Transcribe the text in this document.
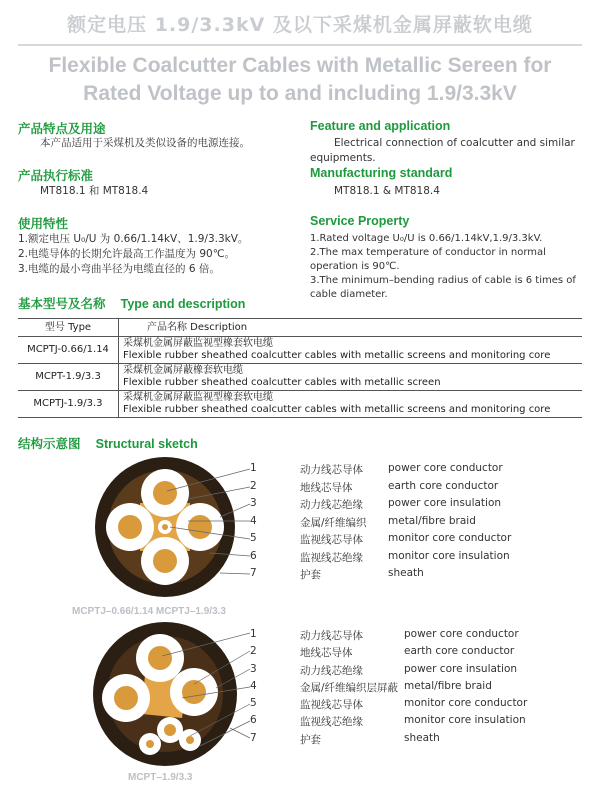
额定电压 1.9/3.3kV 及以下采煤机金属屏蔽软电缆
Flexible Coalcutter Cables with Metallic Sereen for
Rated Voltage up to and including 1.9/3.3kV
产品特点及用途
本产品适用于采煤机及类似设备的电源连接。
Feature and application
Electrical connection of coalcutter and similar equipments.
产品执行标准
MT818.1 和 MT818.4
Manufacturing standard
MT818.1 & MT818.4
使用特性
1.额定电压 U₀/U 为 0.66/1.14kV、1.9/3.3kV。
2.电缆导体的长期允许最高工作温度为 90℃。
3.电缆的最小弯曲半径为电缆直径的 6 倍。
Service Property
1.Rated voltage U₀/U is 0.66/1.14kV,1.9/3.3kV.
2.The max temperature of conductor in normal operation is 90℃.
3.The minimum–bending radius of cable is 6 times of cable diameter.
基本型号及名称 Type and description
型号 Type	产品名称 Description
MCPTJ-0.66/1.14	采煤机金属屏蔽监视型橡套软电缆
Flexible rubber sheathed coalcutter cables with metallic screens and monitoring core

MCPT-1.9/3.3	采煤机金属屏蔽橡套软电缆
Flexible rubber sheathed coalcutter cables with metallic screen

MCPTJ-1.9/3.3	采煤机金属屏蔽监视型橡套软电缆
Flexible rubber sheathed coalcutter cables with metallic screens and monitoring core
结构示意图 Structural sketch
1	动力线芯导体	power core conductor
2	地线芯导体	earth core conductor
3	动力线芯绝缘	power core insulation
4	金属/纤维编织	metal/fibre braid
5	监视线芯导体	monitor core conductor
6	监视线芯绝缘	monitor core insulation
7	护套	sheath
MCPTJ–0.66/1.14 MCPTJ–1.9/3.3
1	动力线芯导体	power core conductor
2	地线芯导体	earth core conductor
3	动力线芯绝缘	power core insulation
4	金属/纤维编织层屏蔽 metal/fibre braid
5	监视线芯导体	monitor core conductor
6	监视线芯绝缘	monitor core insulation
7	护套	sheath
MCPT–1.9/3.3
